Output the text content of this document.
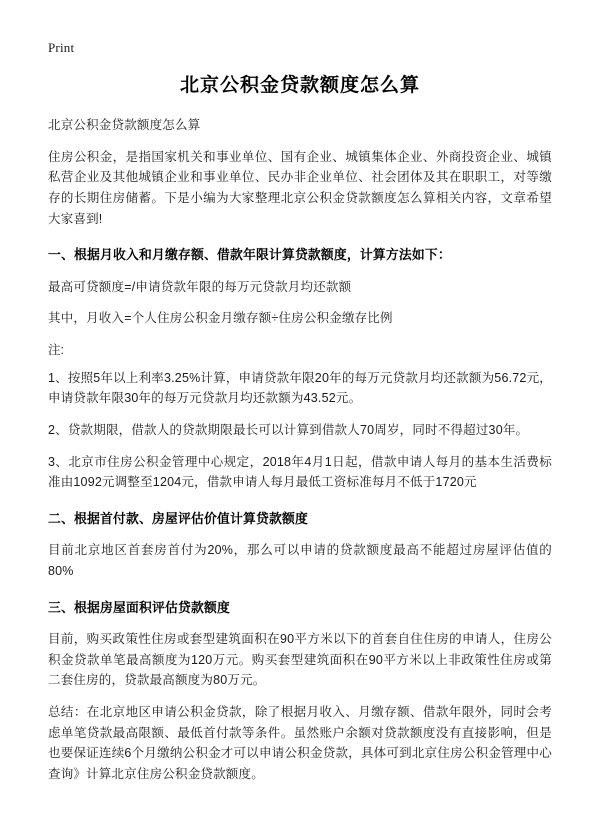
Print
北京公积金贷款额度怎么算

北京公积金贷款额度怎么算

住房公积金，是指国家机关和事业单位、国有企业、城镇集体企业、外商投资企业、城镇私营企业及其他城镇企业和事业单位、民办非企业单位、社会团体及其在职职工，对等缴存的长期住房储蓄。下是小编为大家整理北京公积金贷款额度怎么算相关内容，文章希望大家喜到!

一、根据月收入和月缴存额、借款年限计算贷款额度，计算方法如下：

最高可贷额度=/申请贷款年限的每万元贷款月均还款额

其中，月收入=个人住房公积金月缴存额÷住房公积金缴存比例

注:

1、按照5年以上利率3.25%计算，申请贷款年限20年的每万元贷款月均还款额为56.72元，申请贷款年限30年的每万元贷款月均还款额为43.52元。

2、贷款期限，借款人的贷款期限最长可以计算到借款人70周岁，同时不得超过30年。

3、北京市住房公积金管理中心规定，2018年4月1日起，借款申请人每月的基本生活费标准由1092元调整至1204元，借款申请人每月最低工资标准每月不低于1720元

二、根据首付款、房屋评估价值计算贷款额度

目前北京地区首套房首付为20%，那么可以申请的贷款额度最高不能超过房屋评估值的80%

三、根据房屋面积评估贷款额度

目前，购买政策性住房或套型建筑面积在90平方米以下的首套自住住房的申请人，住房公积金贷款单笔最高额度为120万元。购买套型建筑面积在90平方米以上非政策性住房或第二套住房的，贷款最高额度为80万元。

总结：在北京地区申请公积金贷款，除了根据月收入、月缴存额、借款年限外，同时会考虑单笔贷款最高限额、最低首付款等条件。虽然账户余额对贷款额度没有直接影响，但是也要保证连续6个月缴纳公积金才可以申请公积金贷款，具体可到北京住房公积金管理中心查询》计算北京住房公积金贷款额度。
